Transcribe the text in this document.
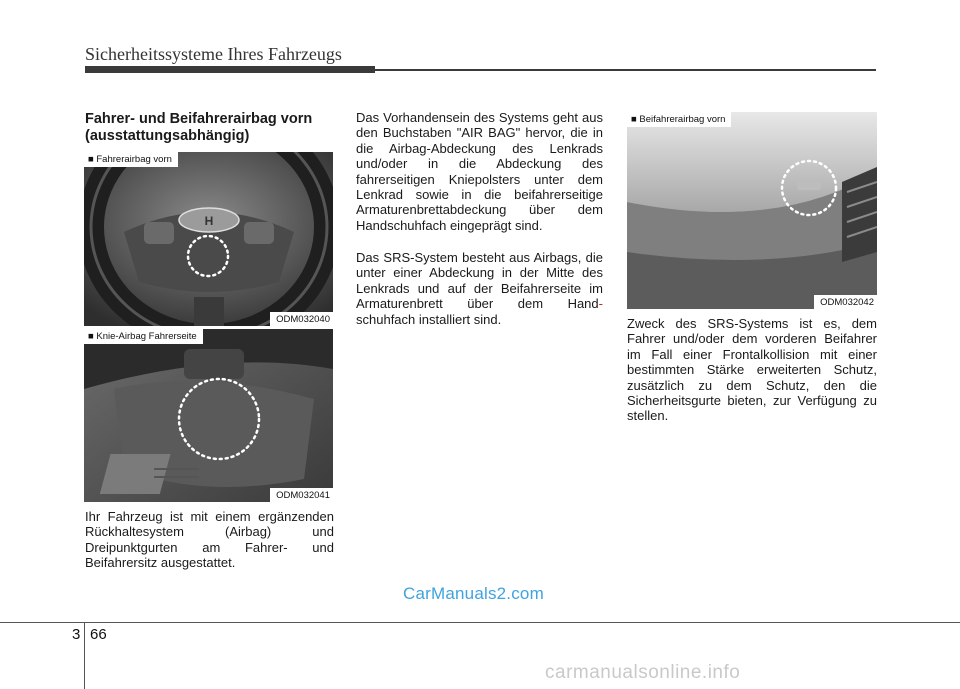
Sicherheitssysteme Ihres Fahrzeugs
Fahrer- und Beifahrerairbag vorn (ausstattungsabhängig)
H
■ Fahrerairbag vorn
ODM032040
■ Knie-Airbag Fahrerseite
ODM032041
Ihr Fahrzeug ist mit einem ergänzenden Rückhaltesystem (Airbag) und Dreipunktgurten am Fahrer- und Beifahrersitz ausgestattet.
Das Vorhandensein des Systems geht aus den Buchstaben "AIR BAG" hervor, die in die Airbag-Abdeckung des Lenkrads und/oder in die Abdeckung des fahrerseitigen Kniepolsters unter dem Lenkrad sowie in die beifahrerseitige Armaturenbrettabdeckung über dem Handschuhfach eingeprägt sind.
Das SRS-System besteht aus Airbags, die unter einer Abdeckung in der Mitte des Lenkrads und auf der Beifahrerseite im Armaturenbrett über dem Hand- schuhfach installiert sind.
■ Beifahrerairbag vorn
ODM032042
Zweck des SRS-Systems ist es, dem Fahrer und/oder dem vorderen Beifahrer im Fall einer Frontalkollision mit einer bestimmten Stärke erweiterten Schutz, zusätzlich zu dem Schutz, den die Sicherheitsgurte bieten, zur Verfügung zu stellen.
CarManuals2.com
3 66
carmanualsonline.info
